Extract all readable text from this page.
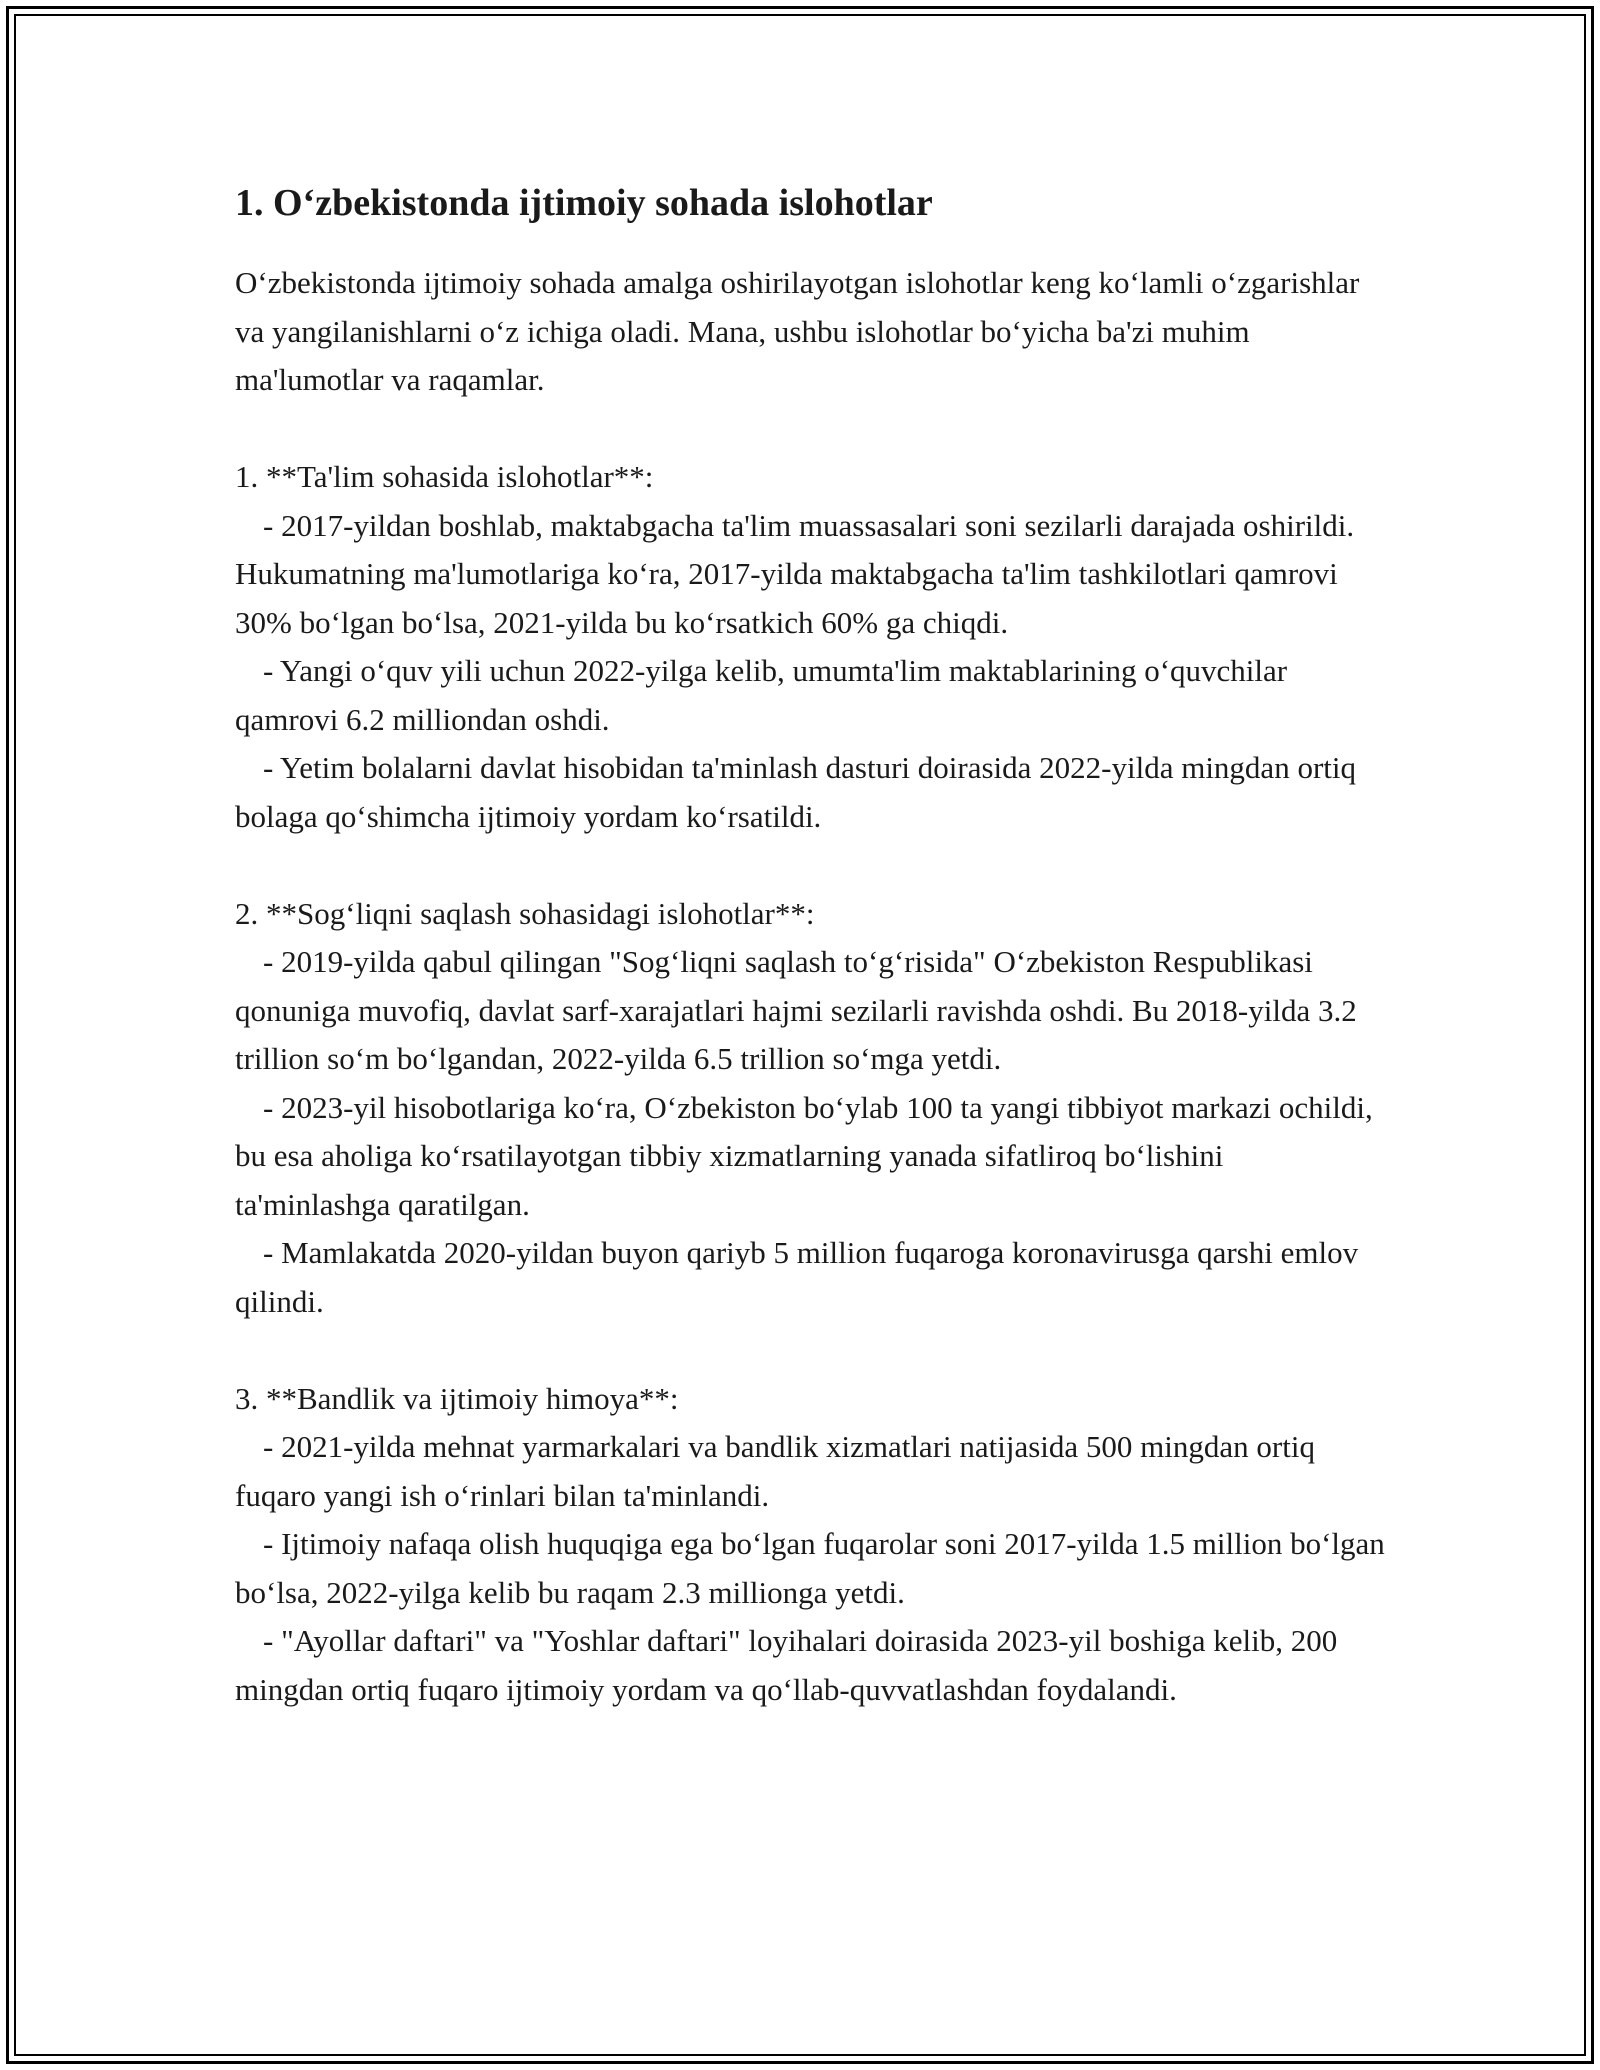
1. Oʻzbekistonda ijtimoiy sohada islohotlar

Oʻzbekistonda ijtimoiy sohada amalga oshirilayotgan islohotlar keng koʻlamli oʻzgarishlar va yangilanishlarni oʻz ichiga oladi. Mana, ushbu islohotlar boʻyicha ba'zi muhim ma'lumotlar va raqamlar.

1. **Ta'lim sohasida islohotlar**:

- 2017-yildan boshlab, maktabgacha ta'lim muassasalari soni sezilarli darajada oshirildi. Hukumatning ma'lumotlariga koʻra, 2017-yilda maktabgacha ta'lim tashkilotlari qamrovi 30% boʻlgan boʻlsa, 2021-yilda bu koʻrsatkich 60% ga chiqdi.

- Yangi oʻquv yili uchun 2022-yilga kelib, umumta'lim maktablarining oʻquvchilar qamrovi 6.2 milliondan oshdi.

- Yetim bolalarni davlat hisobidan ta'minlash dasturi doirasida 2022-yilda mingdan ortiq bolaga qoʻshimcha ijtimoiy yordam koʻrsatildi.

2. **Sogʻliqni saqlash sohasidagi islohotlar**:

- 2019-yilda qabul qilingan "Sogʻliqni saqlash toʻgʻrisida" Oʻzbekiston Respublikasi qonuniga muvofiq, davlat sarf-xarajatlari hajmi sezilarli ravishda oshdi. Bu 2018-yilda 3.2 trillion soʻm boʻlgandan, 2022-yilda 6.5 trillion soʻmga yetdi.

- 2023-yil hisobotlariga koʻra, Oʻzbekiston boʻylab 100 ta yangi tibbiyot markazi ochildi, bu esa aholiga koʻrsatilayotgan tibbiy xizmatlarning yanada sifatliroq boʻlishini ta'minlashga qaratilgan.

- Mamlakatda 2020-yildan buyon qariyb 5 million fuqaroga koronavirusga qarshi emlov qilindi.

3. **Bandlik va ijtimoiy himoya**:

- 2021-yilda mehnat yarmarkalari va bandlik xizmatlari natijasida 500 mingdan ortiq fuqaro yangi ish oʻrinlari bilan ta'minlandi.

- Ijtimoiy nafaqa olish huquqiga ega boʻlgan fuqarolar soni 2017-yilda 1.5 million boʻlgan boʻlsa, 2022-yilga kelib bu raqam 2.3 millionga yetdi.

- "Ayollar daftari" va "Yoshlar daftari" loyihalari doirasida 2023-yil boshiga kelib, 200 mingdan ortiq fuqaro ijtimoiy yordam va qoʻllab-quvvatlashdan foydalandi.
